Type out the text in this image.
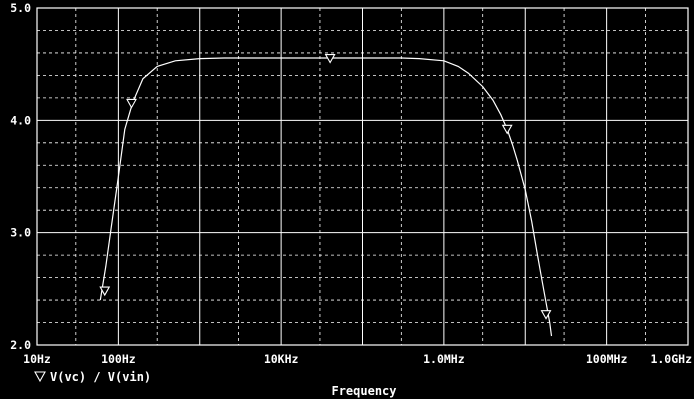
2.0
3.0
4.0
5.0
10Hz	100Hz	10KHz	1.0MHz	100MHz 1.0GHz
V(vc) / V(vin)
Frequency
